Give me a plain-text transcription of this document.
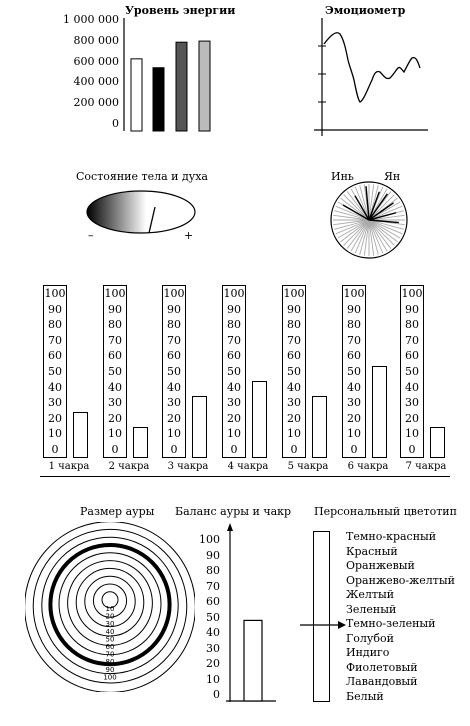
Уровень энергии
1 000 000
800 000
600 000
400 000
200 000
0
Эмоциометр
Состояние тела и духа
–	+
Инь	Ян
100
90
80
70
60
50
40
30
20
10
0
1 чакра
100
90
80
70
60
50
40
30
20
10
0
2 чакра
100
90
80
70
60
50
40
30
20
10
0
3 чакра
100
90
80
70
60
50
40
30
20
10
0
4 чакра
100
90
80
70
60
50
40
30
20
10
0
5 чакра
100
90
80
70
60
50
40
30
20
10
0
6 чакра
100
90
80
70
60
50
40
30
20
10
0
7 чакра
Размер ауры
10
20
30
40
50
60
70
80
90
100
Баланс ауры и чакр
100
90
80
70
60
50
40
30
20
10
0
Персональный цветотип
Темно-красный
Красный
Оранжевый
Оранжево-желтый
Желтый
Зеленый
Темно-зеленый
Голубой
Индиго
Фиолетовый
Лавандовый
Белый
